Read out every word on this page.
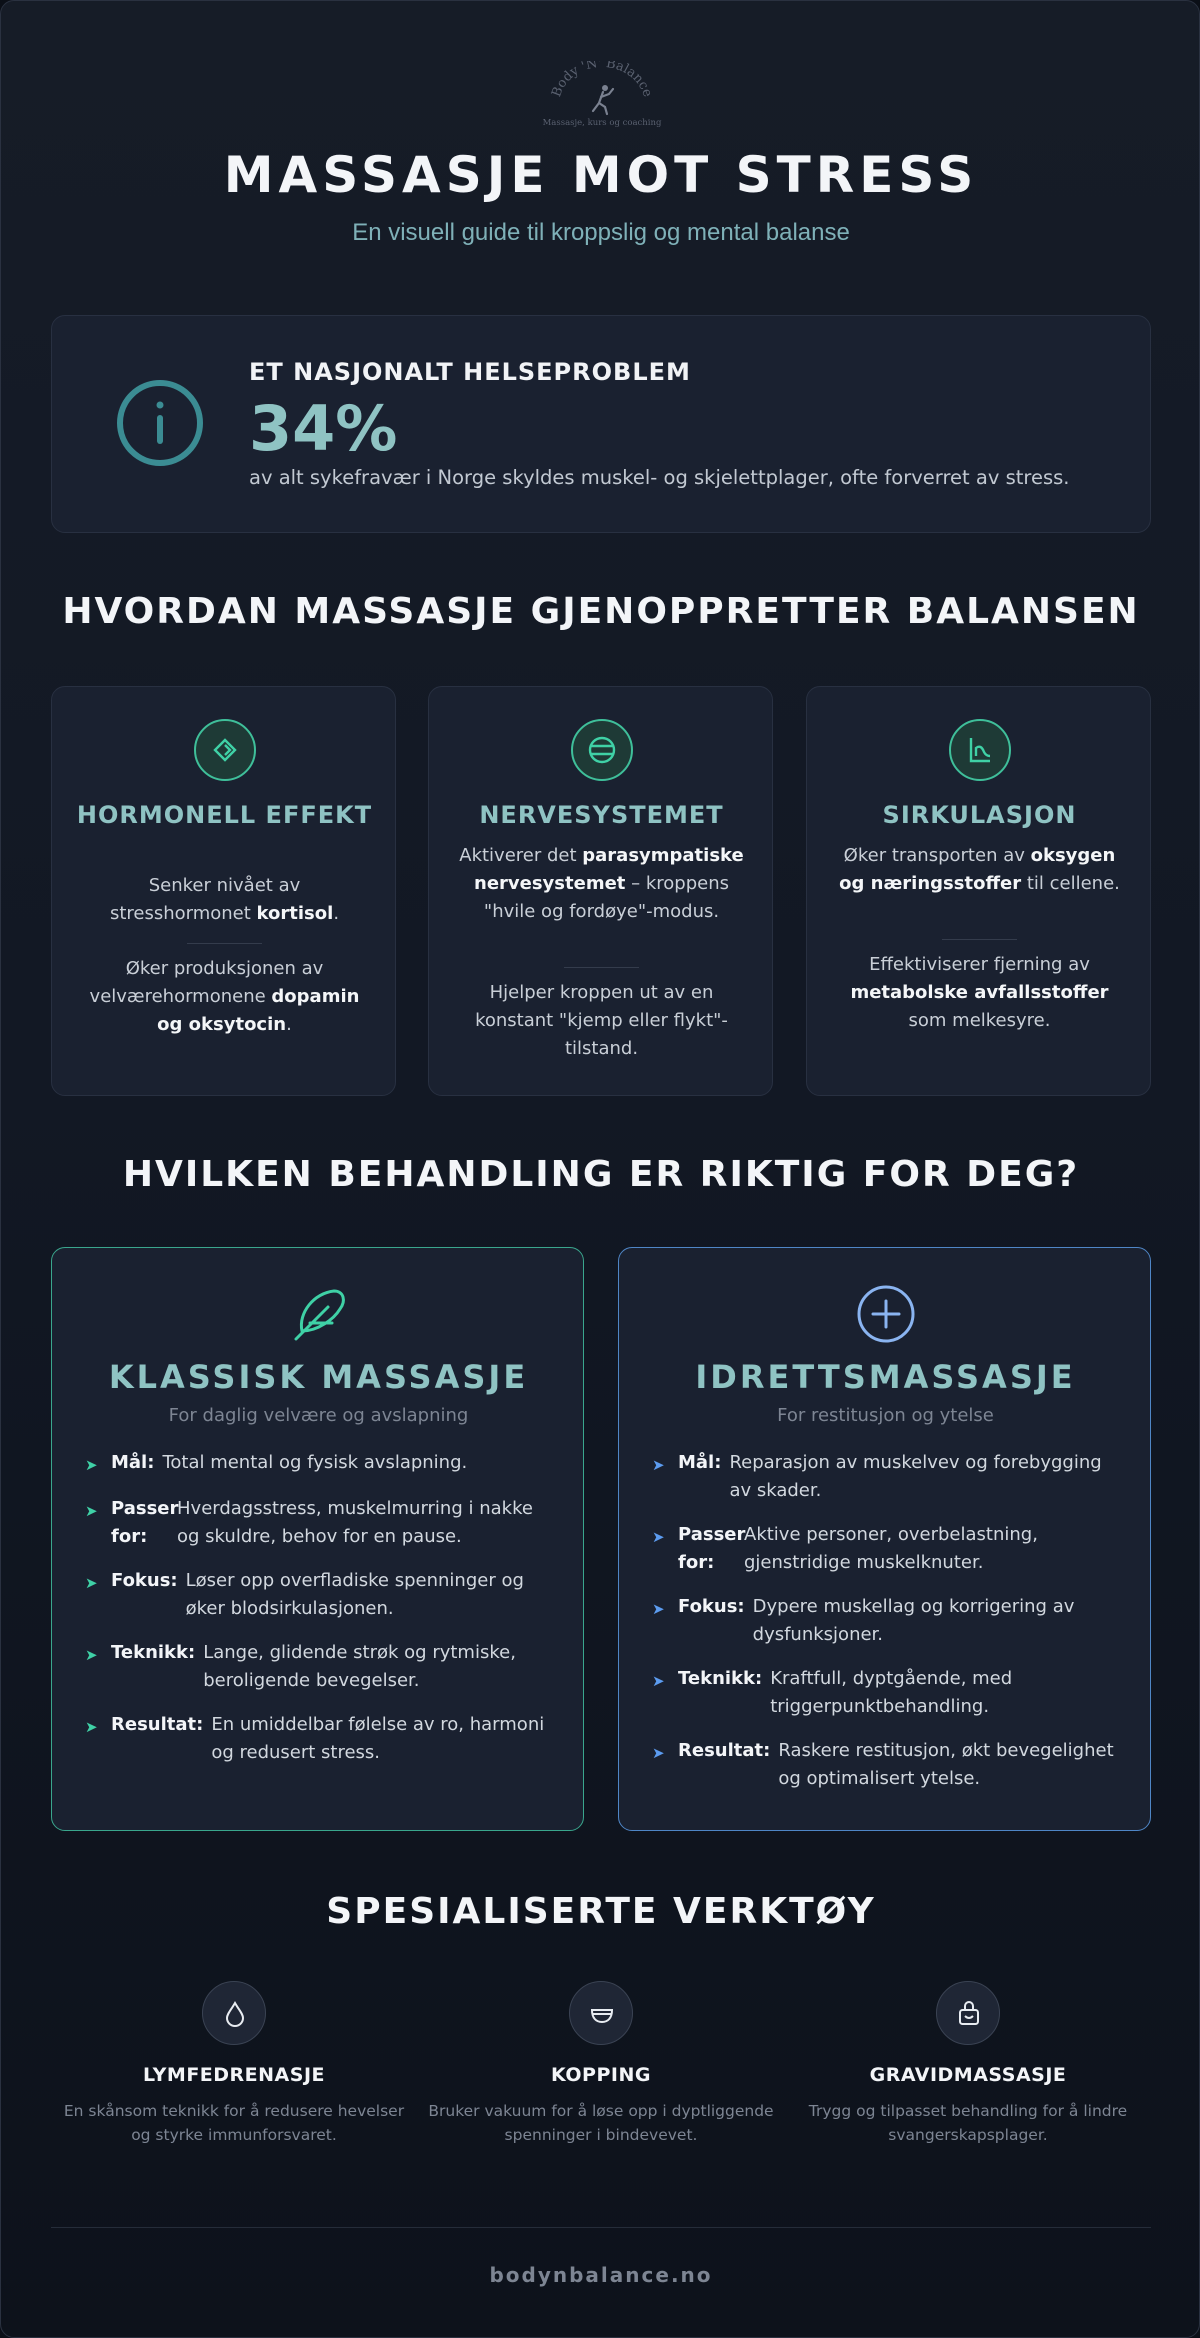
Body 'N' Balance
Massasje, kurs og coaching
MASSASJE MOT STRESS
En visuell guide til kroppslig og mental balanse
ET NASJONALT HELSEPROBLEM
34%
av alt sykefravær i Norge skyldes muskel- og skjelettplager, ofte forverret av stress.
HVORDAN MASSASJE GJENOPPRETTER BALANSEN
HORMONELL EFFEKT
Senker nivået av stresshormonet kortisol.
Øker produksjonen av velværehormonene dopamin og oksytocin.
NERVESYSTEMET
Aktiverer det parasympatiske nervesystemet – kroppens "hvile og fordøye"-modus.
Hjelper kroppen ut av en konstant "kjemp eller flykt"-tilstand.
SIRKULASJON
Øker transporten av oksygen og næringsstoffer til cellene.
Effektiviserer fjerning av metabolske avfallsstoffer som melkesyre.
HVILKEN BEHANDLING ER RIKTIG FOR DEG?
KLASSISK MASSASJE
For daglig velvære og avslapning
➤ Mål: Total mental og fysisk avslapning.
➤ Passer for:
Hverdagsstress, muskelmurring i nakke og skuldre, behov for en pause.
➤ Fokus: Løser opp overfladiske spenninger og øker blodsirkulasjonen.
➤ Teknikk: Lange, glidende strøk og rytmiske, beroligende bevegelser.
➤ Resultat: En umiddelbar følelse av ro, harmoni og redusert stress.
IDRETTSMASSASJE
For restitusjon og ytelse
➤ Mål: Reparasjon av muskelvev og forebygging av skader.
➤ Passer for:
Aktive personer, overbelastning, gjenstridige muskelknuter.
➤ Fokus: Dypere muskellag og korrigering av dysfunksjoner.
➤ Teknikk: Kraftfull, dyptgående, med triggerpunktbehandling.
➤ Resultat: Raskere restitusjon, økt bevegelighet og optimalisert ytelse.
SPESIALISERTE VERKTØY
LYMFEDRENASJE
En skånsom teknikk for å redusere hevelser og styrke immunforsvaret.
KOPPING
Bruker vakuum for å løse opp i dyptliggende spenninger i bindevevet.
GRAVIDMASSASJE
Trygg og tilpasset behandling for å lindre svangerskapsplager.
bodynbalance.no
